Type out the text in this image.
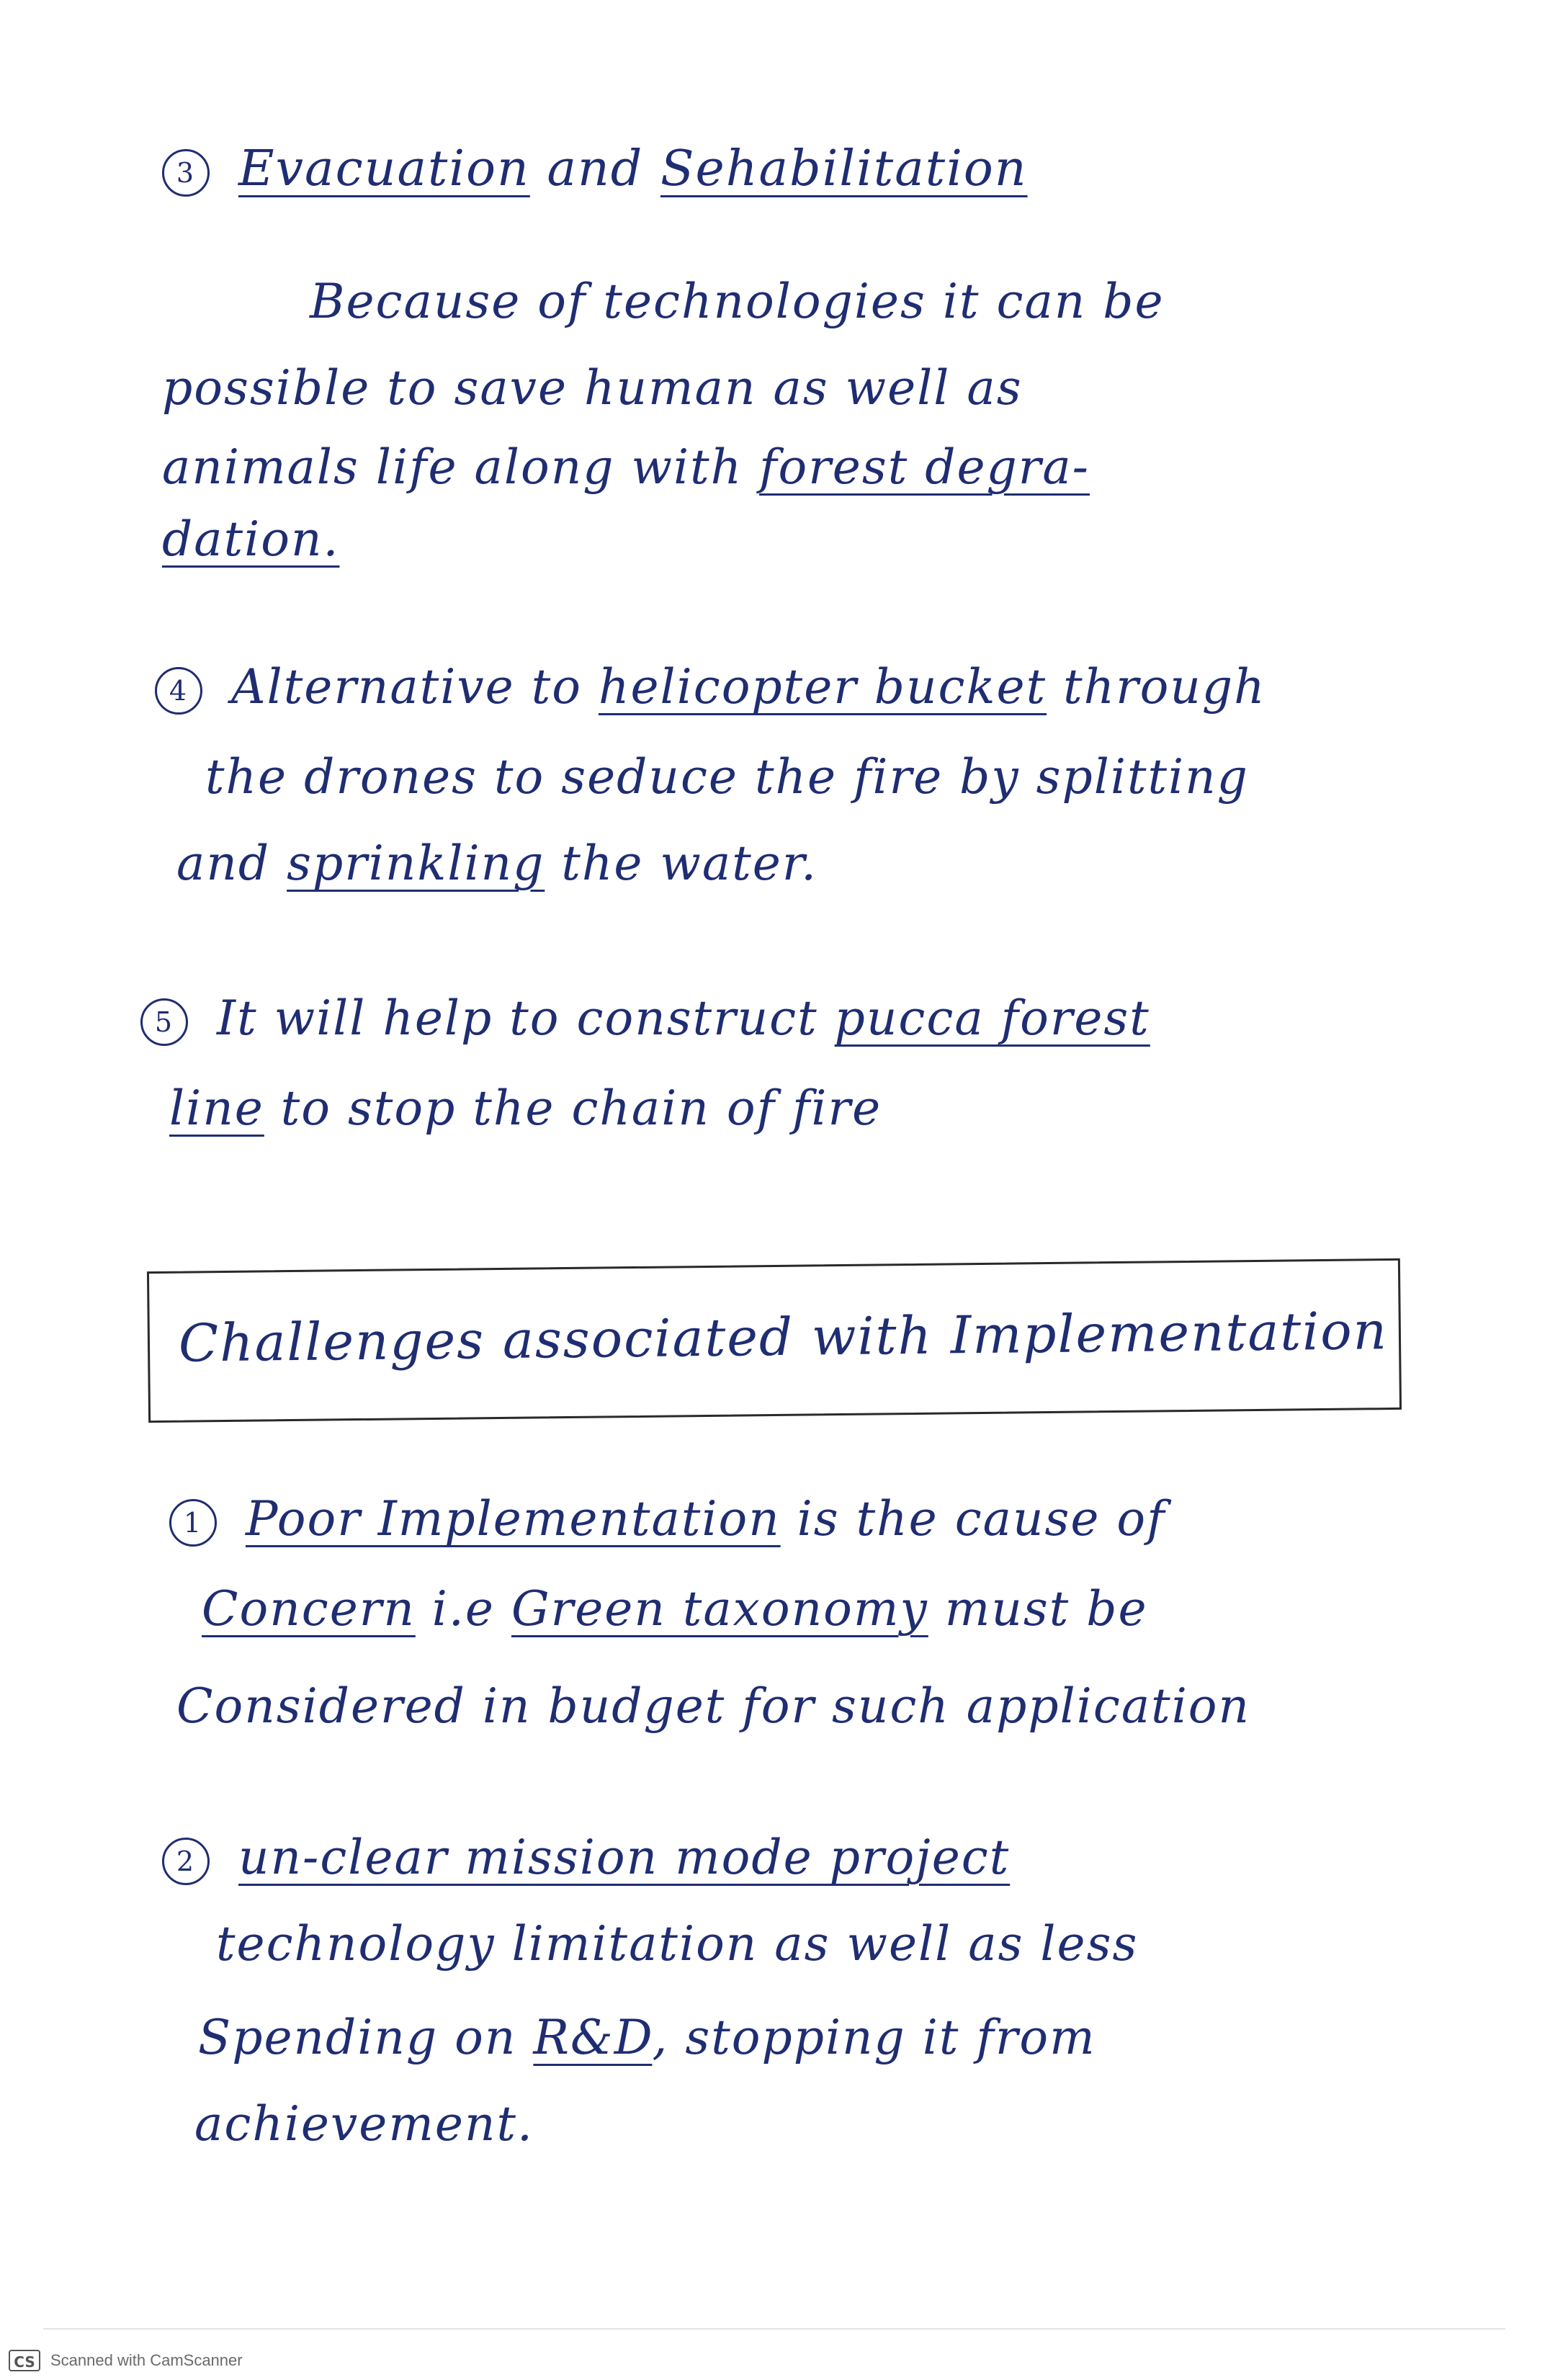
3 Evacuation and Sehabilitation
Because of technologies it can be
possible to save human as well as
animals life along with forest degra-
dation.
4 Alternative to helicopter bucket through
the drones to seduce the fire by splitting
and sprinkling the water.
5 It will help to construct pucca forest
line to stop the chain of fire
Challenges associated with Implementation
1 Poor Implementation is the cause of
Concern i.e Green taxonomy must be
Considered in budget for such application
2 un-clear mission mode project
technology limitation as well as less
Spending on R&D, stopping it from
achievement.
CS Scanned with CamScanner
